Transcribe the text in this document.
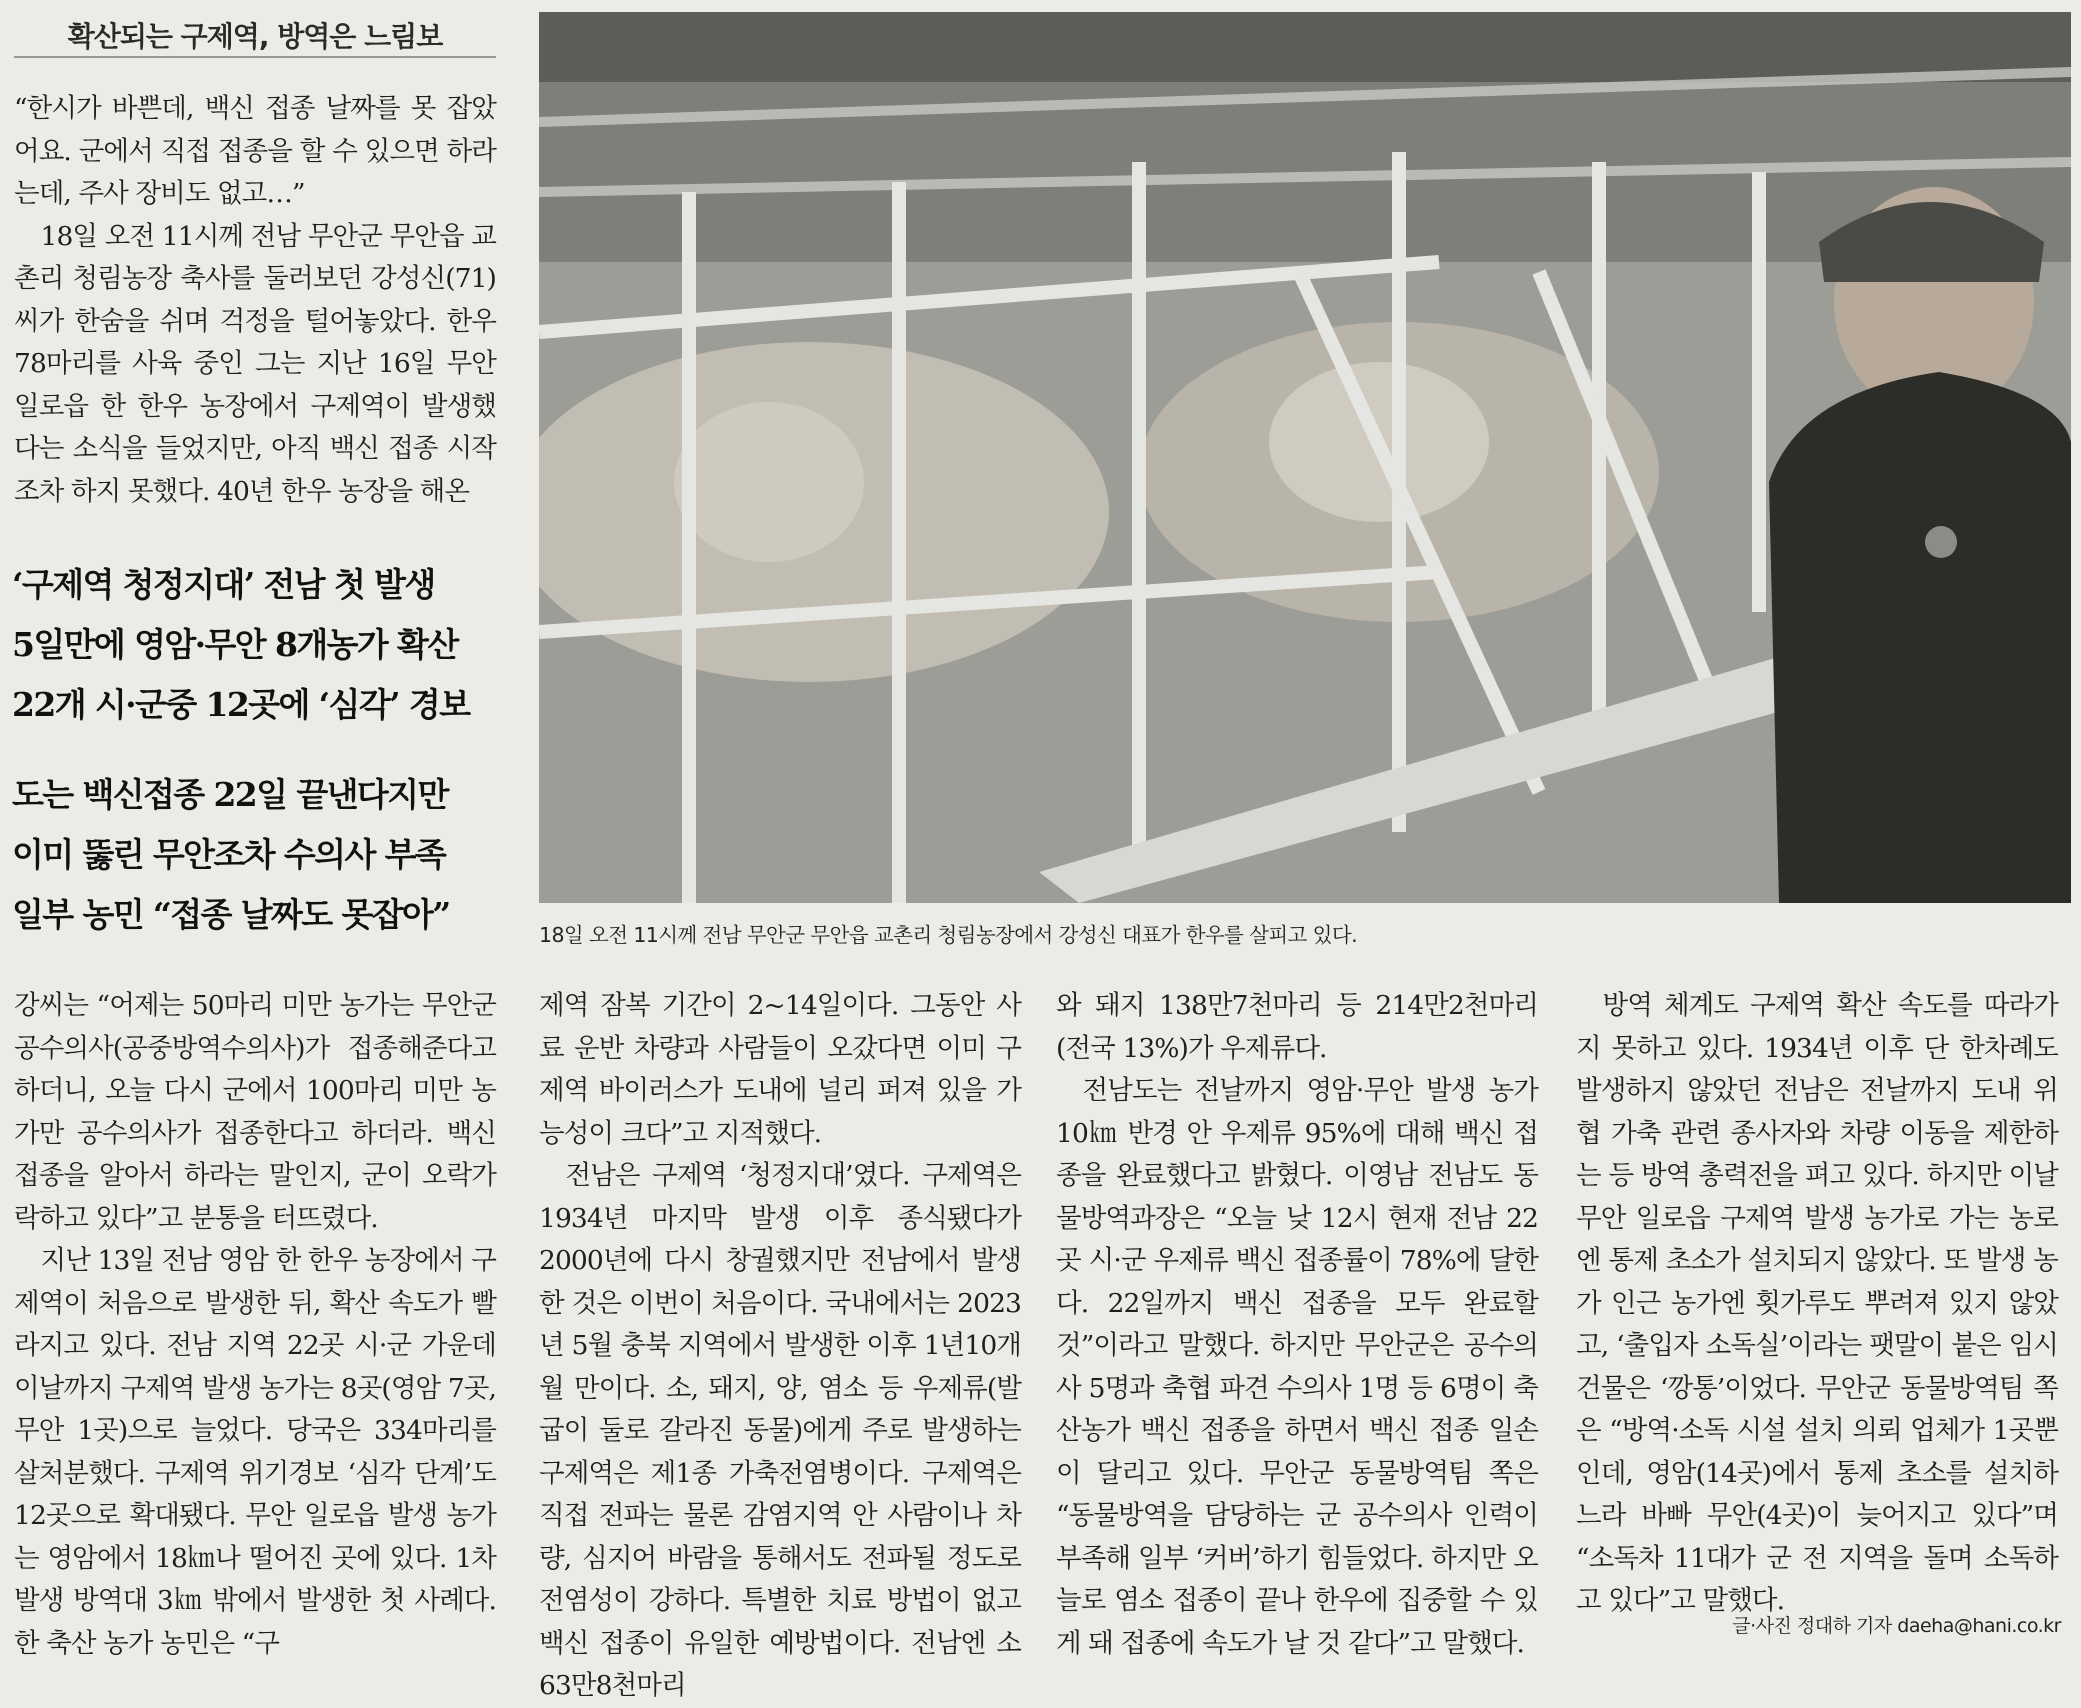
확산되는 구제역, 방역은 느림보

“한시가 바쁜데, 백신 접종 날짜를 못 잡았어요. 군에서 직접 접종을 할 수 있으면 하라는데, 주사 장비도 없고…”

18일 오전 11시께 전남 무안군 무안읍 교촌리 청림농장 축사를 둘러보던 강성신(71)씨가 한숨을 쉬며 걱정을 털어놓았다. 한우 78마리를 사육 중인 그는 지난 16일 무안 일로읍 한 한우 농장에서 구제역이 발생했다는 소식을 들었지만, 아직 백신 접종 시작조차 하지 못했다. 40년 한우 농장을 해온

‘구제역 청정지대’ 전남 첫 발생
5일만에 영암·무안 8개농가 확산
22개 시·군중 12곳에 ‘심각’ 경보
도는 백신접종 22일 끝낸다지만
이미 뚫린 무안조차 수의사 부족
일부 농민 “접종 날짜도 못잡아”
18일 오전 11시께 전남 무안군 무안읍 교촌리 청림농장에서 강성신 대표가 한우를 살피고 있다.

강씨는 “어제는 50마리 미만 농가는 무안군 공수의사(공중방역수의사)가 접종해준다고 하더니, 오늘 다시 군에서 100마리 미만 농가만 공수의사가 접종한다고 하더라. 백신 접종을 알아서 하라는 말인지, 군이 오락가락하고 있다”고 분통을 터뜨렸다.

지난 13일 전남 영암 한 한우 농장에서 구제역이 처음으로 발생한 뒤, 확산 속도가 빨라지고 있다. 전남 지역 22곳 시·군 가운데 이날까지 구제역 발생 농가는 8곳(영암 7곳, 무안 1곳)으로 늘었다. 당국은 334마리를 살처분했다. 구제역 위기경보 ‘심각 단계’도 12곳으로 확대됐다. 무안 일로읍 발생 농가는 영암에서 18㎞나 떨어진 곳에 있다. 1차 발생 방역대 3㎞ 밖에서 발생한 첫 사례다. 한 축산 농가 농민은 “구

제역 잠복 기간이 2~14일이다. 그동안 사료 운반 차량과 사람들이 오갔다면 이미 구제역 바이러스가 도내에 널리 퍼져 있을 가능성이 크다”고 지적했다.

전남은 구제역 ‘청정지대’였다. 구제역은 1934년 마지막 발생 이후 종식됐다가 2000년에 다시 창궐했지만 전남에서 발생한 것은 이번이 처음이다. 국내에서는 2023년 5월 충북 지역에서 발생한 이후 1년10개월 만이다. 소, 돼지, 양, 염소 등 우제류(발굽이 둘로 갈라진 동물)에게 주로 발생하는 구제역은 제1종 가축전염병이다. 구제역은 직접 전파는 물론 감염지역 안 사람이나 차량, 심지어 바람을 통해서도 전파될 정도로 전염성이 강하다. 특별한 치료 방법이 없고 백신 접종이 유일한 예방법이다. 전남엔 소 63만8천마리

와 돼지 138만7천마리 등 214만2천마리(전국 13%)가 우제류다.

전남도는 전날까지 영암·무안 발생 농가 10㎞ 반경 안 우제류 95%에 대해 백신 접종을 완료했다고 밝혔다. 이영남 전남도 동물방역과장은 “오늘 낮 12시 현재 전남 22곳 시·군 우제류 백신 접종률이 78%에 달한다. 22일까지 백신 접종을 모두 완료할 것”이라고 말했다. 하지만 무안군은 공수의사 5명과 축협 파견 수의사 1명 등 6명이 축산농가 백신 접종을 하면서 백신 접종 일손이 달리고 있다. 무안군 동물방역팀 쪽은 “동물방역을 담당하는 군 공수의사 인력이 부족해 일부 ‘커버’하기 힘들었다. 하지만 오늘로 염소 접종이 끝나 한우에 집중할 수 있게 돼 접종에 속도가 날 것 같다”고 말했다.

방역 체계도 구제역 확산 속도를 따라가지 못하고 있다. 1934년 이후 단 한차례도 발생하지 않았던 전남은 전날까지 도내 위협 가축 관련 종사자와 차량 이동을 제한하는 등 방역 총력전을 펴고 있다. 하지만 이날 무안 일로읍 구제역 발생 농가로 가는 농로엔 통제 초소가 설치되지 않았다. 또 발생 농가 인근 농가엔 횟가루도 뿌려져 있지 않았고, ‘출입자 소독실’이라는 팻말이 붙은 임시건물은 ‘깡통’이었다. 무안군 동물방역팀 쪽은 “방역·소독 시설 설치 의뢰 업체가 1곳뿐인데, 영암(14곳)에서 통제 초소를 설치하느라 바빠 무안(4곳)이 늦어지고 있다”며 “소독차 11대가 군 전 지역을 돌며 소독하고 있다”고 말했다.

글·사진 정대하 기자 daeha@hani.co.kr
